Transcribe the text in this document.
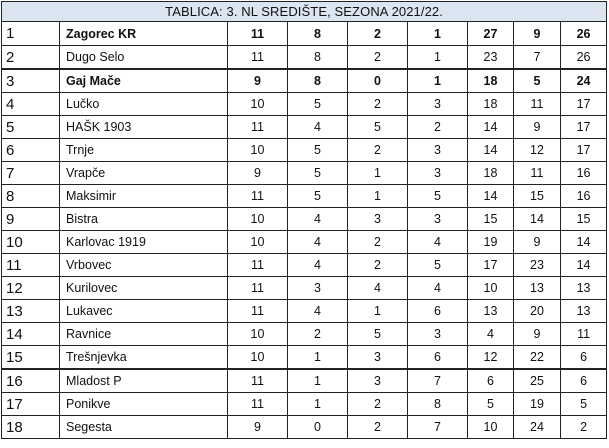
TABLICA: 3. NL SREDIŠTE, SEZONA 2021/22.								
1	Zagorec KR	11	8	2	1	27	9	26
2	Dugo Selo	11	8	2	1	23	7	26
3	Gaj Mače	9	8	0	1	18	5	24
4	Lučko	10	5	2	3	18	11	17
5	HAŠK 1903	11	4	5	2	14	9	17
6	Trnje	10	5	2	3	14	12	17
7	Vrapče	9	5	1	3	18	11	16
8	Maksimir	11	5	1	5	14	15	16
9	Bistra	10	4	3	3	15	14	15
10	Karlovac 1919	10	4	2	4	19	9	14
11	Vrbovec	11	4	2	5	17	23	14
12	Kurilovec	11	3	4	4	10	13	13
13	Lukavec	11	4	1	6	13	20	13
14	Ravnice	10	2	5	3	4	9	11
15	Trešnjevka	10	1	3	6	12	22	6
16	Mladost P	11	1	3	7	6	25	6
17	Ponikve	11	1	2	8	5	19	5
18	Segesta	9	0	2	7	10	24	2
